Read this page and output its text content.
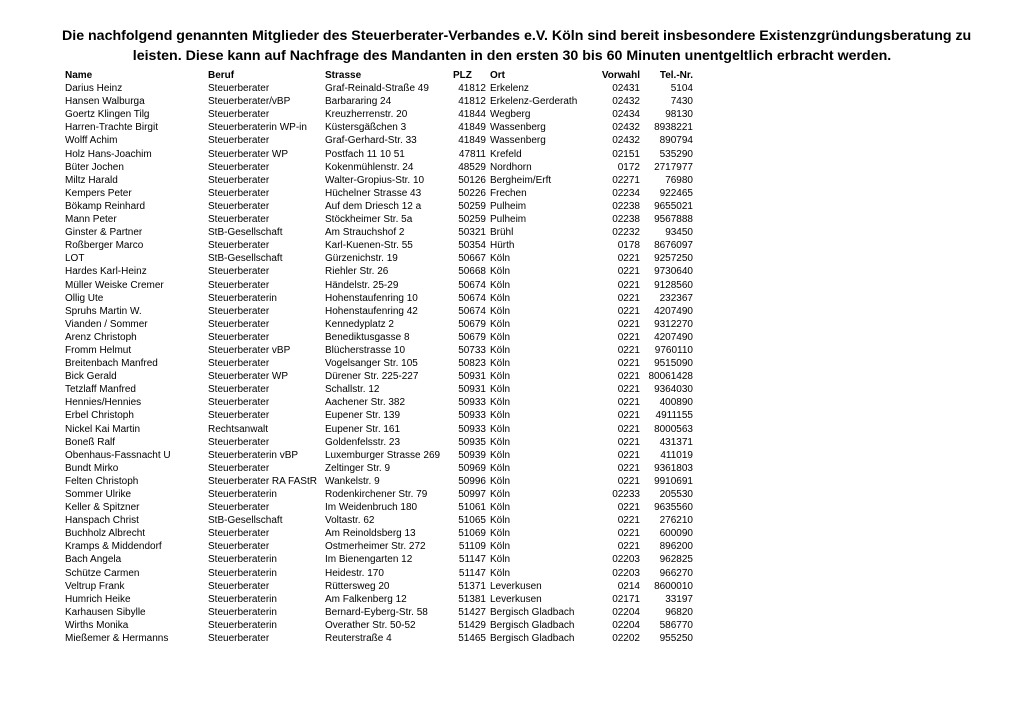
Die nachfolgend genannten Mitglieder des Steuerberater-Verbandes e.V. Köln sind bereit insbesondere Existenzgründungsberatung zu
leisten. Diese kann auf Nachfrage des Mandanten in den ersten 30 bis 60 Minuten unentgeltlich erbracht werden.
Name	Beruf	Strasse	PLZ	Ort	Vorwahl	Tel.-Nr.
Darius Heinz	Steuerberater	Graf-Reinald-Straße 49	41812	Erkelenz	02431	5104
Hansen Walburga	Steuerberater/vBP	Barbararing 24	41812	Erkelenz-Gerderath	02432	7430
Goertz Klingen Tilg	Steuerberater	Kreuzherrenstr. 20	41844	Wegberg	02434	98130
Harren-Trachte Birgit	Steuerberaterin WP-in	Küstersgäßchen 3	41849	Wassenberg	02432	8938221
Wolff Achim	Steuerberater	Graf-Gerhard-Str. 33	41849	Wassenberg	02432	890794
Holz Hans-Joachim	Steuerberater WP	Postfach 11 10 51	47811	Krefeld	02151	535290
Büter Jochen	Steuerberater	Kokenmühlenstr. 24	48529	Nordhorn	0172	2717977
Miltz Harald	Steuerberater	Walter-Gropius-Str. 10	50126	Bergheim/Erft	02271	76980
Kempers Peter	Steuerberater	Hüchelner Strasse 43	50226	Frechen	02234	922465
Bökamp Reinhard	Steuerberater	Auf dem Driesch 12 a	50259	Pulheim	02238	9655021
Mann Peter	Steuerberater	Stöckheimer Str. 5a	50259	Pulheim	02238	9567888
Ginster & Partner	StB-Gesellschaft	Am Strauchshof 2	50321	Brühl	02232	93450
Roßberger Marco	Steuerberater	Karl-Kuenen-Str. 55	50354	Hürth	0178	8676097
LOT	StB-Gesellschaft	Gürzenichstr. 19	50667	Köln	0221	9257250
Hardes Karl-Heinz	Steuerberater	Riehler Str. 26	50668	Köln	0221	9730640
Müller Weiske Cremer	Steuerberater	Händelstr. 25-29	50674	Köln	0221	9128560
Ollig Ute	Steuerberaterin	Hohenstaufenring 10	50674	Köln	0221	232367
Spruhs Martin W.	Steuerberater	Hohenstaufenring 42	50674	Köln	0221	4207490
Vianden / Sommer	Steuerberater	Kennedyplatz 2	50679	Köln	0221	9312270
Arenz Christoph	Steuerberater	Benediktusgasse 8	50679	Köln	0221	4207490
Fromm Helmut	Steuerberater vBP	Blücherstrasse 10	50733	Köln	0221	9760110
Breitenbach Manfred	Steuerberater	Vogelsanger Str. 105	50823	Köln	0221	9515090
Bick Gerald	Steuerberater WP	Dürener Str. 225-227	50931	Köln	0221	80061428
Tetzlaff Manfred	Steuerberater	Schallstr. 12	50931	Köln	0221	9364030
Hennies/Hennies	Steuerberater	Aachener Str. 382	50933	Köln	0221	400890
Erbel Christoph	Steuerberater	Eupener Str. 139	50933	Köln	0221	4911155
Nickel Kai Martin	Rechtsanwalt	Eupener Str. 161	50933	Köln	0221	8000563
Boneß Ralf	Steuerberater	Goldenfelsstr. 23	50935	Köln	0221	431371
Obenhaus-Fassnacht U	Steuerberaterin vBP	Luxemburger Strasse 269	50939	Köln	0221	411019
Bundt Mirko	Steuerberater	Zeltinger Str. 9	50969	Köln	0221	9361803
Felten Christoph	Steuerberater RA FAStR	Wankelstr. 9	50996	Köln	0221	9910691
Sommer Ulrike	Steuerberaterin	Rodenkirchener Str. 79	50997	Köln	02233	205530
Keller & Spitzner	Steuerberater	Im Weidenbruch 180	51061	Köln	0221	9635560
Hanspach Christ	StB-Gesellschaft	Voltastr. 62	51065	Köln	0221	276210
Buchholz Albrecht	Steuerberater	Am Reinoldsberg 13	51069	Köln	0221	600090
Kramps & Middendorf	Steuerberater	Ostmerheimer Str. 272	51109	Köln	0221	896200
Bach Angela	Steuerberaterin	Im Bienengarten 12	51147	Köln	02203	962825
Schütze Carmen	Steuerberaterin	Heidestr. 170	51147	Köln	02203	966270
Veltrup Frank	Steuerberater	Rüttersweg 20	51371	Leverkusen	0214	8600010
Humrich Heike	Steuerberaterin	Am Falkenberg 12	51381	Leverkusen	02171	33197
Karhausen Sibylle	Steuerberaterin	Bernard-Eyberg-Str. 58	51427	Bergisch Gladbach	02204	96820
Wirths Monika	Steuerberaterin	Overather Str. 50-52	51429	Bergisch Gladbach	02204	586770
Mießemer & Hermanns	Steuerberater	Reuterstraße 4	51465	Bergisch Gladbach	02202	955250
